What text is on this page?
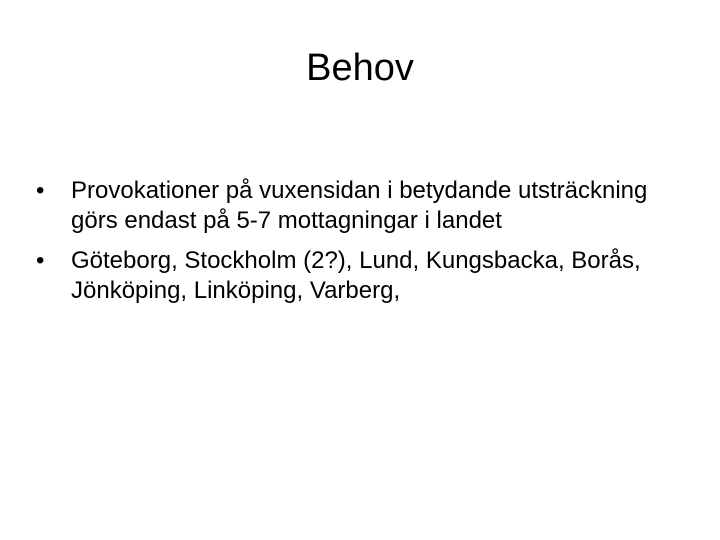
Behov
•	Provokationer på vuxensidan i betydande utsträckning görs endast på 5-7 mottagningar i landet
•	Göteborg, Stockholm (2?), Lund, Kungsbacka, Borås, Jönköping, Linköping, Varberg,
